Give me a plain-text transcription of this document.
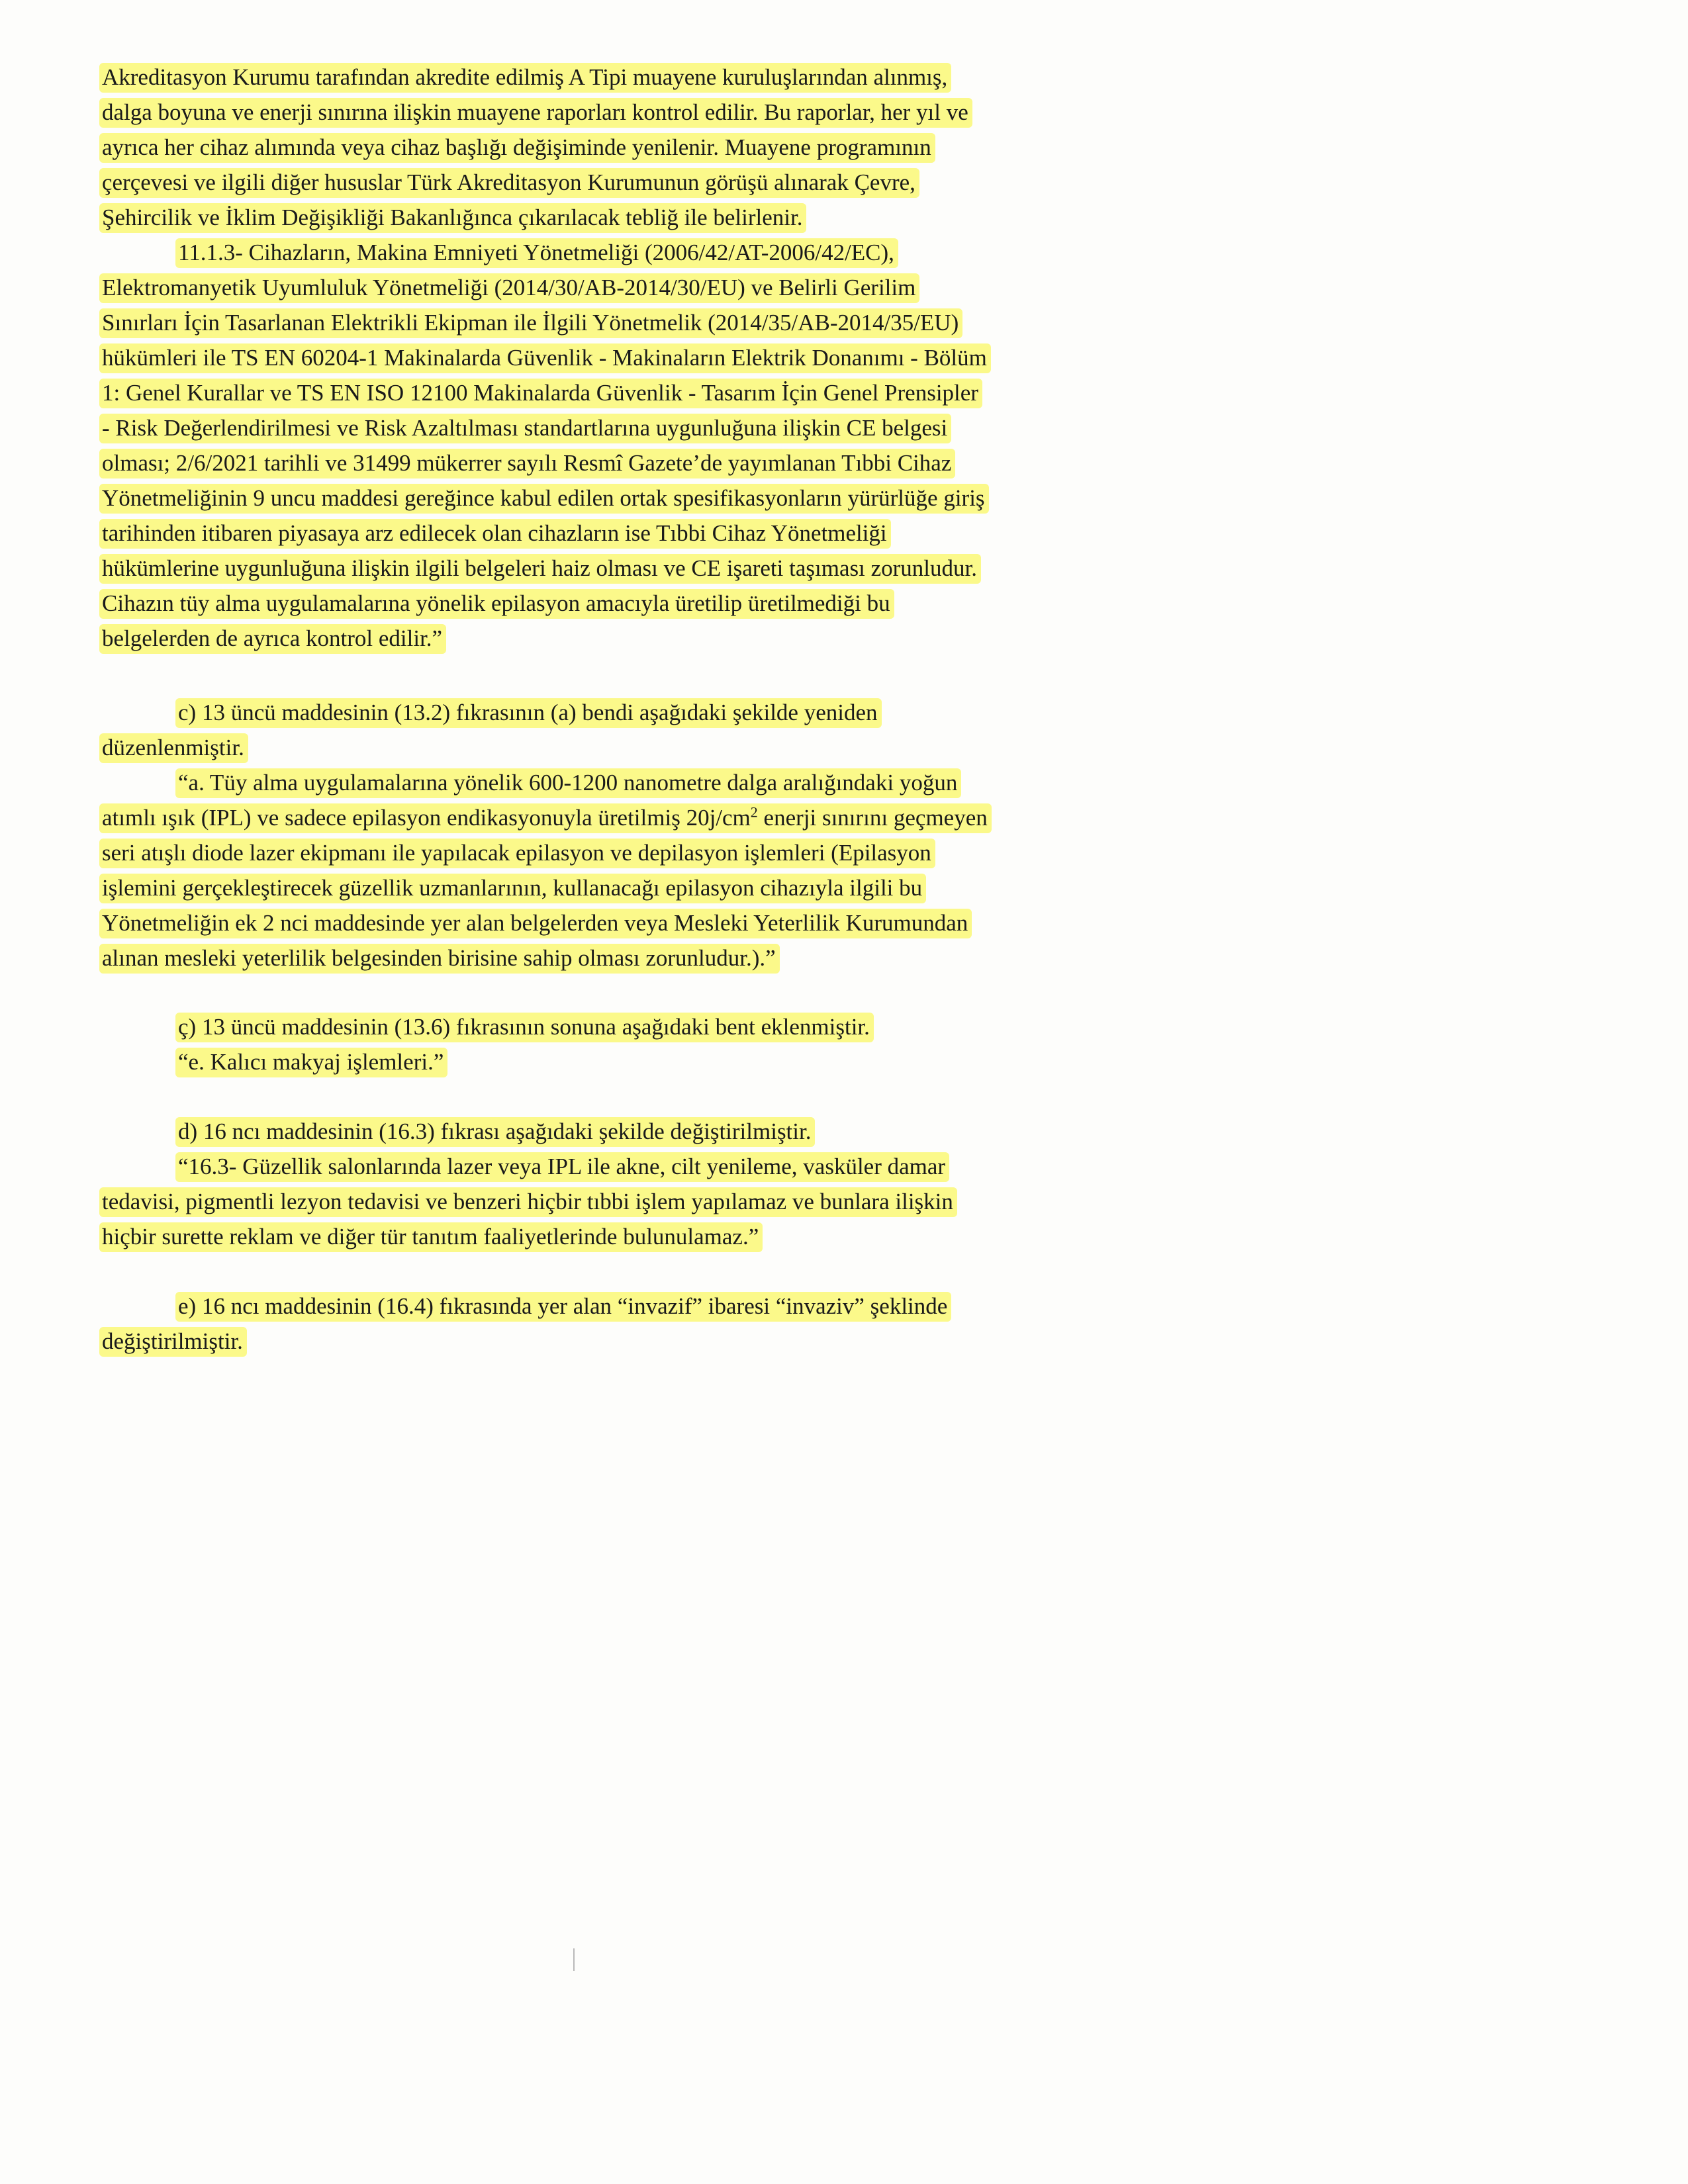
Akreditasyon Kurumu tarafından akredite edilmiş A Tipi muayene kuruluşlarından alınmış,
dalga boyuna ve enerji sınırına ilişkin muayene raporları kontrol edilir. Bu raporlar, her yıl ve
ayrıca her cihaz alımında veya cihaz başlığı değişiminde yenilenir. Muayene programının
çerçevesi ve ilgili diğer hususlar Türk Akreditasyon Kurumunun görüşü alınarak Çevre,
Şehircilik ve İklim Değişikliği Bakanlığınca çıkarılacak tebliğ ile belirlenir.
11.1.3- Cihazların, Makina Emniyeti Yönetmeliği (2006/42/AT-2006/42/EC),
Elektromanyetik Uyumluluk Yönetmeliği (2014/30/AB-2014/30/EU) ve Belirli Gerilim
Sınırları İçin Tasarlanan Elektrikli Ekipman ile İlgili Yönetmelik (2014/35/AB-2014/35/EU)
hükümleri ile TS EN 60204-1 Makinalarda Güvenlik - Makinaların Elektrik Donanımı - Bölüm
1: Genel Kurallar ve TS EN ISO 12100 Makinalarda Güvenlik - Tasarım İçin Genel Prensipler
- Risk Değerlendirilmesi ve Risk Azaltılması standartlarına uygunluğuna ilişkin CE belgesi
olması; 2/6/2021 tarihli ve 31499 mükerrer sayılı Resmî Gazete’de yayımlanan Tıbbi Cihaz
Yönetmeliğinin 9 uncu maddesi gereğince kabul edilen ortak spesifikasyonların yürürlüğe giriş
tarihinden itibaren piyasaya arz edilecek olan cihazların ise Tıbbi Cihaz Yönetmeliği
hükümlerine uygunluğuna ilişkin ilgili belgeleri haiz olması ve CE işareti taşıması zorunludur.
Cihazın tüy alma uygulamalarına yönelik epilasyon amacıyla üretilip üretilmediği bu
belgelerden de ayrıca kontrol edilir.”
c) 13 üncü maddesinin (13.2) fıkrasının (a) bendi aşağıdaki şekilde yeniden
düzenlenmiştir.
“a. Tüy alma uygulamalarına yönelik 600-1200 nanometre dalga aralığındaki yoğun
atımlı ışık (IPL) ve sadece epilasyon endikasyonuyla üretilmiş $20j/cm^2$ enerji sınırını geçmeyen
seri atışlı diode lazer ekipmanı ile yapılacak epilasyon ve depilasyon işlemleri (Epilasyon
işlemini gerçekleştirecek güzellik uzmanlarının, kullanacağı epilasyon cihazıyla ilgili bu
Yönetmeliğin ek 2 nci maddesinde yer alan belgelerden veya Mesleki Yeterlilik Kurumundan
alınan mesleki yeterlilik belgesinden birisine sahip olması zorunludur.).”
ç) 13 üncü maddesinin (13.6) fıkrasının sonuna aşağıdaki bent eklenmiştir.
“e. Kalıcı makyaj işlemleri.”
d) 16 ncı maddesinin (16.3) fıkrası aşağıdaki şekilde değiştirilmiştir.
“16.3- Güzellik salonlarında lazer veya IPL ile akne, cilt yenileme, vasküler damar
tedavisi, pigmentli lezyon tedavisi ve benzeri hiçbir tıbbi işlem yapılamaz ve bunlara ilişkin
hiçbir surette reklam ve diğer tür tanıtım faaliyetlerinde bulunulamaz.”
e) 16 ncı maddesinin (16.4) fıkrasında yer alan “invazif” ibaresi “invaziv” şeklinde
değiştirilmiştir.
